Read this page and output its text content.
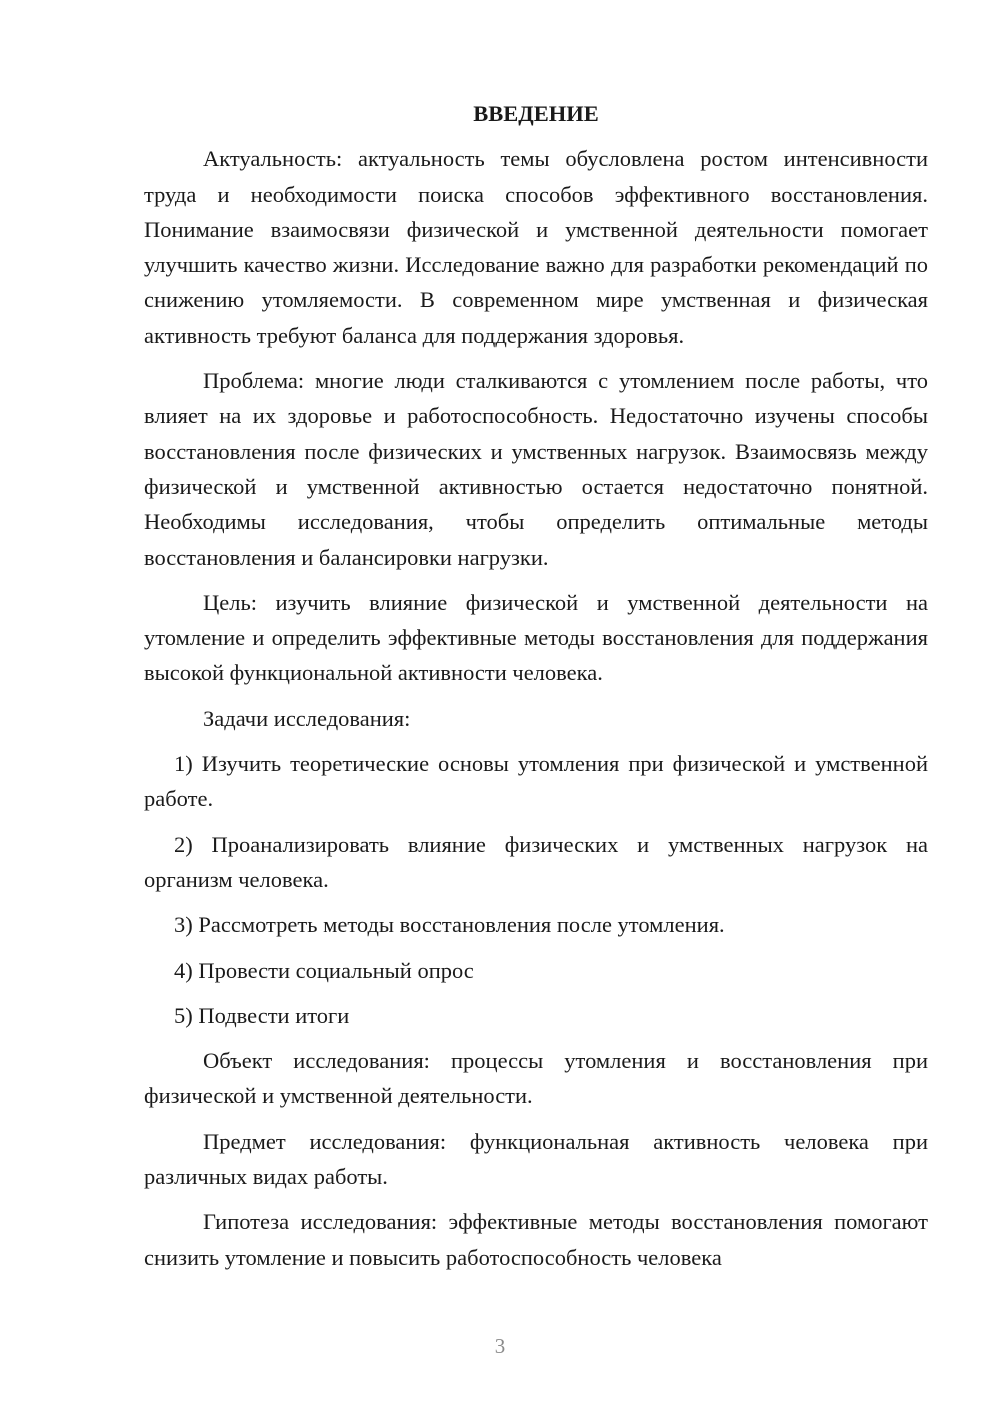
ВВЕДЕНИЕ

Актуальность: актуальность темы обусловлена ростом интенсивности труда и необходимости поиска способов эффективного восстановления. Понимание взаимосвязи физической и умственной деятельности помогает улучшить качество жизни. Исследование важно для разработки рекомендаций по снижению утомляемости. В современном мире умственная и физическая активность требуют баланса для поддержания здоровья.

Проблема: многие люди сталкиваются с утомлением после работы, что влияет на их здоровье и работоспособность. Недостаточно изучены способы восстановления после физических и умственных нагрузок. Взаимосвязь между физической и умственной активностью остается недостаточно понятной. Необходимы исследования, чтобы определить оптимальные методы восстановления и балансировки нагрузки.

Цель: изучить влияние физической и умственной деятельности на утомление и определить эффективные методы восстановления для поддержания высокой функциональной активности человека.

Задачи исследования:

1) Изучить теоретические основы утомления при физической и умственной работе.

2) Проанализировать влияние физических и умственных нагрузок на организм человека.

3) Рассмотреть методы восстановления после утомления.

4) Провести социальный опрос

5) Подвести итоги

Объект исследования: процессы утомления и восстановления при физической и умственной деятельности.

Предмет исследования: функциональная активность человека при различных видах работы.

Гипотеза исследования: эффективные методы восстановления помогают снизить утомление и повысить работоспособность человека

3
